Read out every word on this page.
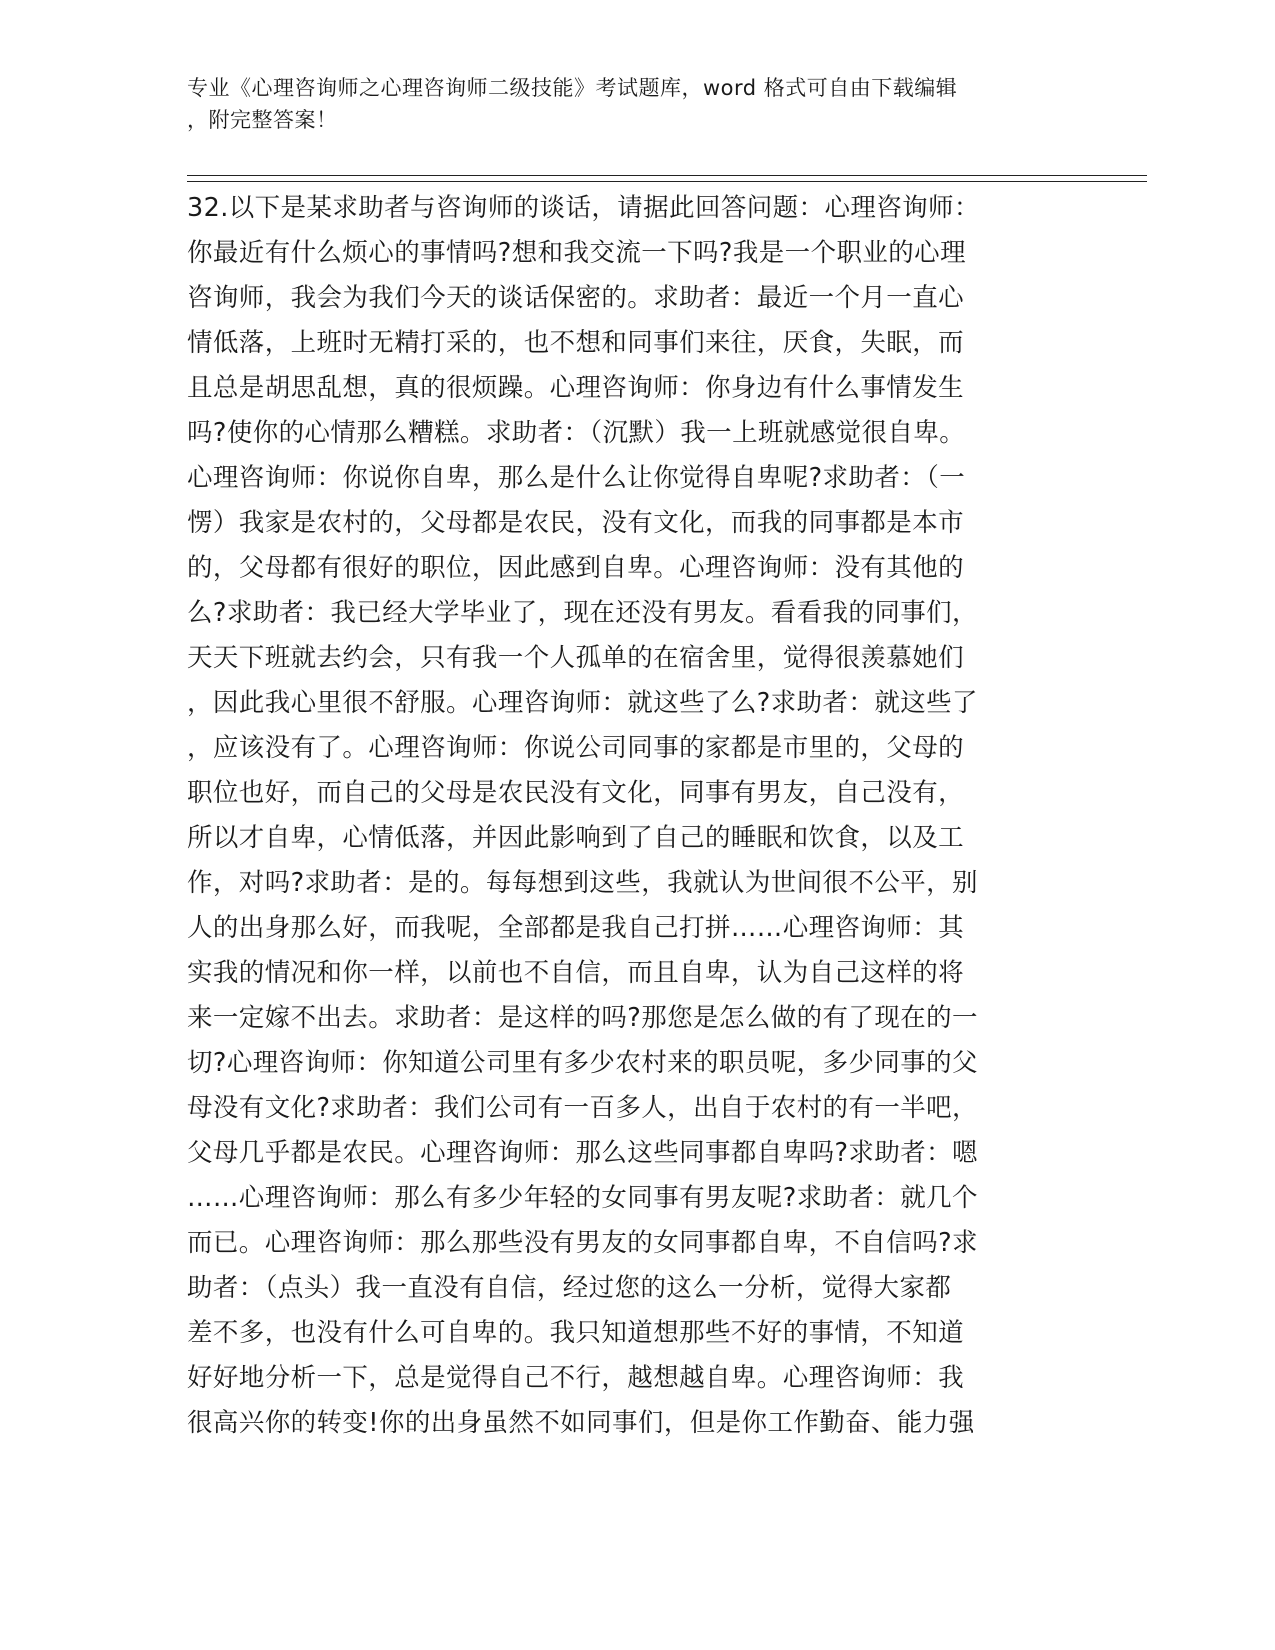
专业《心理咨询师之心理咨询师二级技能》考试题库，word 格式可自由下载编辑
，附完整答案！
32.以下是某求助者与咨询师的谈话，请据此回答问题：心理咨询师：
你最近有什么烦心的事情吗?想和我交流一下吗?我是一个职业的心理
咨询师，我会为我们今天的谈话保密的。求助者：最近一个月一直心
情低落，上班时无精打采的，也不想和同事们来往，厌食，失眠，而
且总是胡思乱想，真的很烦躁。心理咨询师：你身边有什么事情发生
吗?使你的心情那么糟糕。求助者：（沉默）我一上班就感觉很自卑。
心理咨询师：你说你自卑，那么是什么让你觉得自卑呢?求助者：（一
愣）我家是农村的，父母都是农民，没有文化，而我的同事都是本市
的，父母都有很好的职位，因此感到自卑。心理咨询师：没有其他的
么?求助者：我已经大学毕业了，现在还没有男友。看看我的同事们，
天天下班就去约会，只有我一个人孤单的在宿舍里，觉得很羡慕她们
，因此我心里很不舒服。心理咨询师：就这些了么?求助者：就这些了
，应该没有了。心理咨询师：你说公司同事的家都是市里的，父母的
职位也好，而自己的父母是农民没有文化，同事有男友，自己没有，
所以才自卑，心情低落，并因此影响到了自己的睡眠和饮食，以及工
作，对吗?求助者：是的。每每想到这些，我就认为世间很不公平，别
人的出身那么好，而我呢，全部都是我自己打拼……心理咨询师：其
实我的情况和你一样，以前也不自信，而且自卑，认为自己这样的将
来一定嫁不出去。求助者：是这样的吗?那您是怎么做的有了现在的一
切?心理咨询师：你知道公司里有多少农村来的职员呢，多少同事的父
母没有文化?求助者：我们公司有一百多人，出自于农村的有一半吧，
父母几乎都是农民。心理咨询师：那么这些同事都自卑吗?求助者：嗯
……心理咨询师：那么有多少年轻的女同事有男友呢?求助者：就几个
而已。心理咨询师：那么那些没有男友的女同事都自卑，不自信吗?求
助者：（点头）我一直没有自信，经过您的这么一分析，觉得大家都
差不多，也没有什么可自卑的。我只知道想那些不好的事情，不知道
好好地分析一下，总是觉得自己不行，越想越自卑。心理咨询师：我
很高兴你的转变!你的出身虽然不如同事们，但是你工作勤奋、能力强
